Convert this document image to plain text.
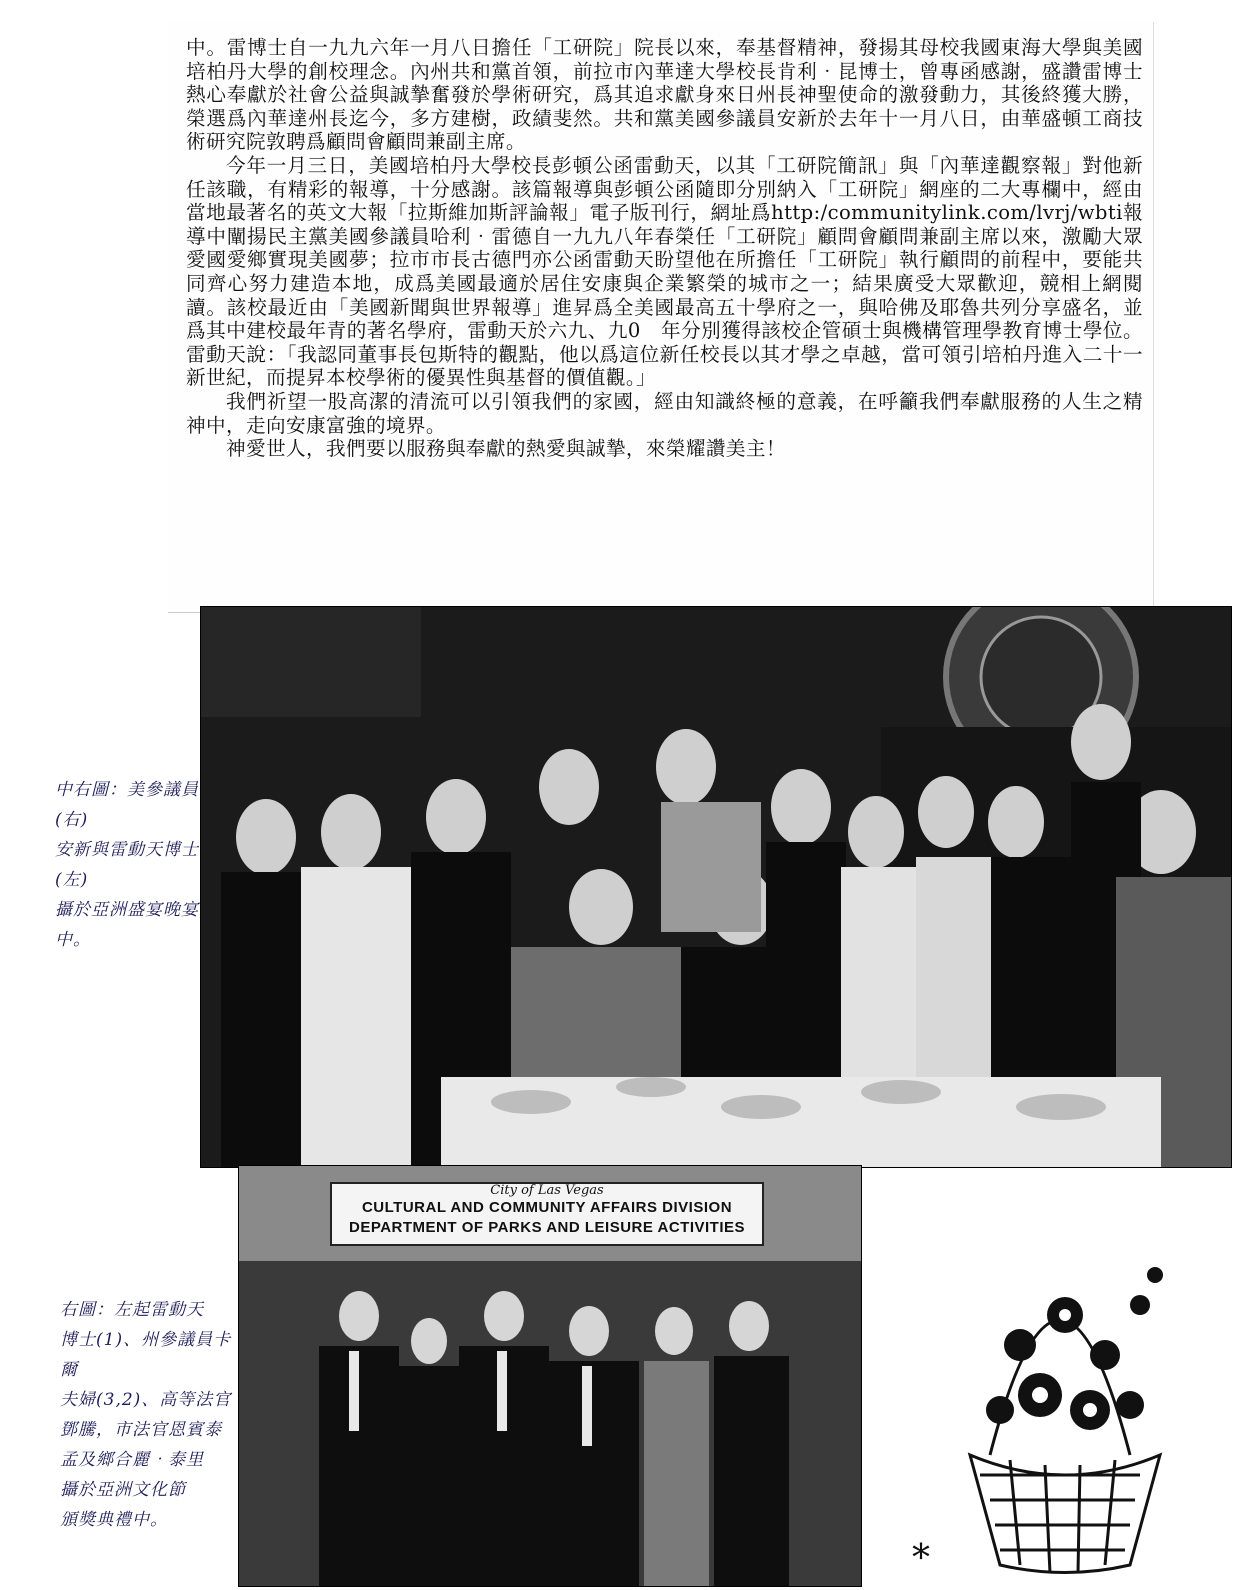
中。雷博士自一九九六年一月八日擔任「工研院」院長以來，奉基督精神，發揚其母校我國東海大學與美國培柏丹大學的創校理念。內州共和黨首領，前拉市內華達大學校長肯利‧昆博士，曾專函感謝，盛讚雷博士熱心奉獻於社會公益與誠摯奮發於學術研究，爲其追求獻身來日州長神聖使命的激發動力，其後終獲大勝，榮選爲內華達州長迄今，多方建樹，政績斐然。共和黨美國參議員安新於去年十一月八日，由華盛頓工商技術研究院敦聘爲顧問會顧問兼副主席。

今年一月三日，美國培柏丹大學校長彭頓公函雷動天，以其「工研院簡訊」與「內華達觀察報」對他新任該職，有精彩的報導，十分感謝。該篇報導與彭頓公函隨即分別納入「工研院」網座的二大專欄中，經由當地最著名的英文大報「拉斯維加斯評論報」電子版刊行，網址爲http:/communitylink.com/lvrj/wbti報導中闡揚民主黨美國參議員哈利‧雷德自一九九八年春榮任「工研院」顧問會顧問兼副主席以來，激勵大眾愛國愛鄉實現美國夢；拉市市長古德門亦公函雷動天盼望他在所擔任「工研院」執行顧問的前程中，要能共同齊心努力建造本地，成爲美國最適於居住安康與企業繁榮的城市之一；結果廣受大眾歡迎，競相上網閱讀。該校最近由「美國新聞與世界報導」進昇爲全美國最高五十學府之一，與哈佛及耶魯共列分享盛名，並爲其中建校最年青的著名學府，雷動天於六九、九0　年分別獲得該校企管碩士與機構管理學教育博士學位。雷動天說：「我認同董事長包斯特的觀點，他以爲這位新任校長以其才學之卓越，當可領引培柏丹進入二十一新世紀，而提昇本校學術的優異性與基督的價值觀。」

我們祈望一股高潔的清流可以引領我們的家國，經由知識終極的意義，在呼籲我們奉獻服務的人生之精神中，走向安康富強的境界。

神愛世人，我們要以服務與奉獻的熱愛與誠摯，來榮耀讚美主！

中右圖：美參議員(右)
安新與雷動天博士(左)
攝於亞洲盛宴晚宴中。
City of Las Vegas
CULTURAL AND COMMUNITY AFFAIRS DIVISION
DEPARTMENT OF PARKS AND LEISURE ACTIVITIES
右圖：左起雷動天
博士(1)、州參議員卡爾
夫婦(3,2)、高等法官
鄧騰，市法官恩賓泰
孟及鄉合麗‧泰里
攝於亞洲文化節
頒獎典禮中。
*
